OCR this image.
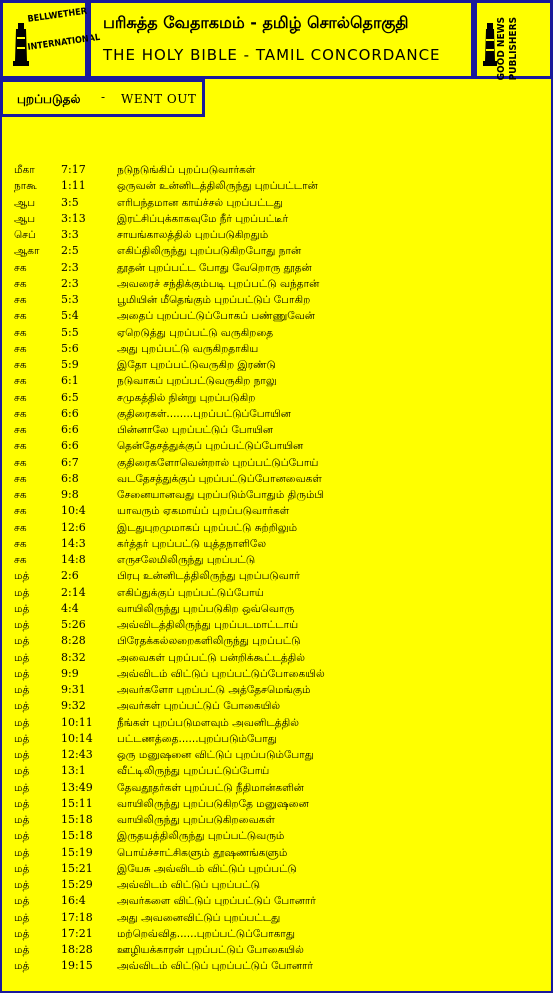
BELLWETHER
INTERNATIONAL
பரிசுத்த வேதாகமம் - தமிழ் சொல்தொகுதி
THE HOLY BIBLE - TAMIL CONCORDANCE	GOOD NEWS PUBLISHERS
புறப்படுதல் - WENT OUT
மீகா 7:17	நடுநடுங்கிப் புறப்படுவார்கள்
நாகூ 1:11	ஒருவன் உன்னிடத்திலிருந்து புறப்பட்டான்
ஆப 3:5	எரிபந்தமான காய்ச்சல் புறப்பட்டது
ஆப 3:13	இரட்சிப்புக்காகவுமே நீர் புறப்பட்டீர்
செப் 3:3	சாயங்காலத்தில் புறப்படுகிறதும்
ஆகா 2:5	எகிப்திலிருந்து புறப்படுகிறபோது நான்
சக	2:3	தூதன் புறப்பட்ட போது வேறொரு தூதன்
சக	2:3	அவரைச் சந்திக்கும்படி புறப்பட்டு வந்தான்
சக	5:3	பூமியின் மீதெங்கும் புறப்பட்டுப் போகிற
சக	5:4	அதைப் புறப்பட்டுப்போகப் பண்ணுவேன்
சக	5:5	ஏறெடுத்து புறப்பட்டு வருகிறதை
சக	5:6	அது புறப்பட்டு வருகிறதாகிய
சக	5:9	இதோ புறப்பட்டுவருகிற இரண்டு
சக	6:1	நடுவாகப் புறப்பட்டுவருகிற நாலு
சக	6:5	சமுகத்தில் நின்று புறப்படுகிற
சக	6:6	குதிரைகள்........புறப்பட்டுப்போயின
சக	6:6	பின்னாலே புறப்பட்டுப் போயின
சக	6:6	தென்தேசத்துக்குப் புறப்பட்டுப்போயின
சக	6:7	குதிரைகளோவென்றால் புறப்பட்டுப்போய்
சக	6:8	வடதேசத்துக்குப் புறப்பட்டுப்போனவைகள்
சக	9:8	சேனையானவது புறப்படும்போதும் திரும்பி
சக	10:4	யாவரும் ஏகமாய்ப் புறப்படுவார்கள்
சக	12:6	இடதுபுறமுமாகப் புறப்பட்டு சுற்றிலும்
சக	14:3	கர்த்தர் புறப்பட்டு யுத்தநாளிலே
சக	14:8	எருசலேமிலிருந்து புறப்பட்டு
மத்	2:6	பிரபு உன்னிடத்திலிருந்து புறப்படுவார்
மத்	2:14	எகிப்துக்குப் புறப்பட்டுப்போய்
மத்	4:4	வாயிலிருந்து புறப்படுகிற ஒவ்வொரு
மத்	5:26	அவ்விடத்திலிருந்து புறப்படமாட்டாய்
மத்	8:28	பிரேதக்கல்லறைகளிலிருந்து புறப்பட்டு
மத்	8:32	அவைகள் புறப்பட்டு பன்றிக்கூட்டத்தில்
மத்	9:9	அவ்விடம் விட்டுப் புறப்பட்டுப்போகையில்
மத்	9:31	அவர்களோ புறப்பட்டு அத்தேசமெங்கும்
மத்	9:32	அவர்கள் புறப்பட்டுப் போகையில்
மத்	10:11 நீங்கள் புறப்படுமளவும் அவனிடத்தில்
மத்	10:14 பட்டணத்தை......புறப்படும்போது
மத்	12:43 ஒரு மனுஷனை விட்டுப் புறப்படும்போது
மத்	13:1	வீட்டிலிருந்து புறப்பட்டுப்போய்
மத்	13:49 தேவதூதர்கள் புறப்பட்டு நீதிமான்களின்
மத்	15:11 வாயிலிருந்து புறப்படுகிறதே மனுஷனை
மத்	15:18 வாயிலிருந்து புறப்படுகிறவைகள்
மத்	15:18 இருதயத்திலிருந்து புறப்பட்டுவரும்
மத்	15:19 பொய்ச்சாட்சிகளும் தூஷணங்களும்
மத்	15:21 இயேசு அவ்விடம் விட்டுப் புறப்பட்டு
மத்	15:29 அவ்விடம் விட்டுப் புறப்பட்டு
மத்	16:4	அவர்களை விட்டுப் புறப்பட்டுப் போனார்
மத்	17:18 அது அவனைவிட்டுப் புறப்பட்டது
மத்	17:21 மற்றெவ்வித......புறப்பட்டுப்போகாது
மத்	18:28 ஊழியக்காரன் புறப்பட்டுப் போகையில்
மத்	19:15 அவ்விடம் விட்டுப் புறப்பட்டுப் போனார்
